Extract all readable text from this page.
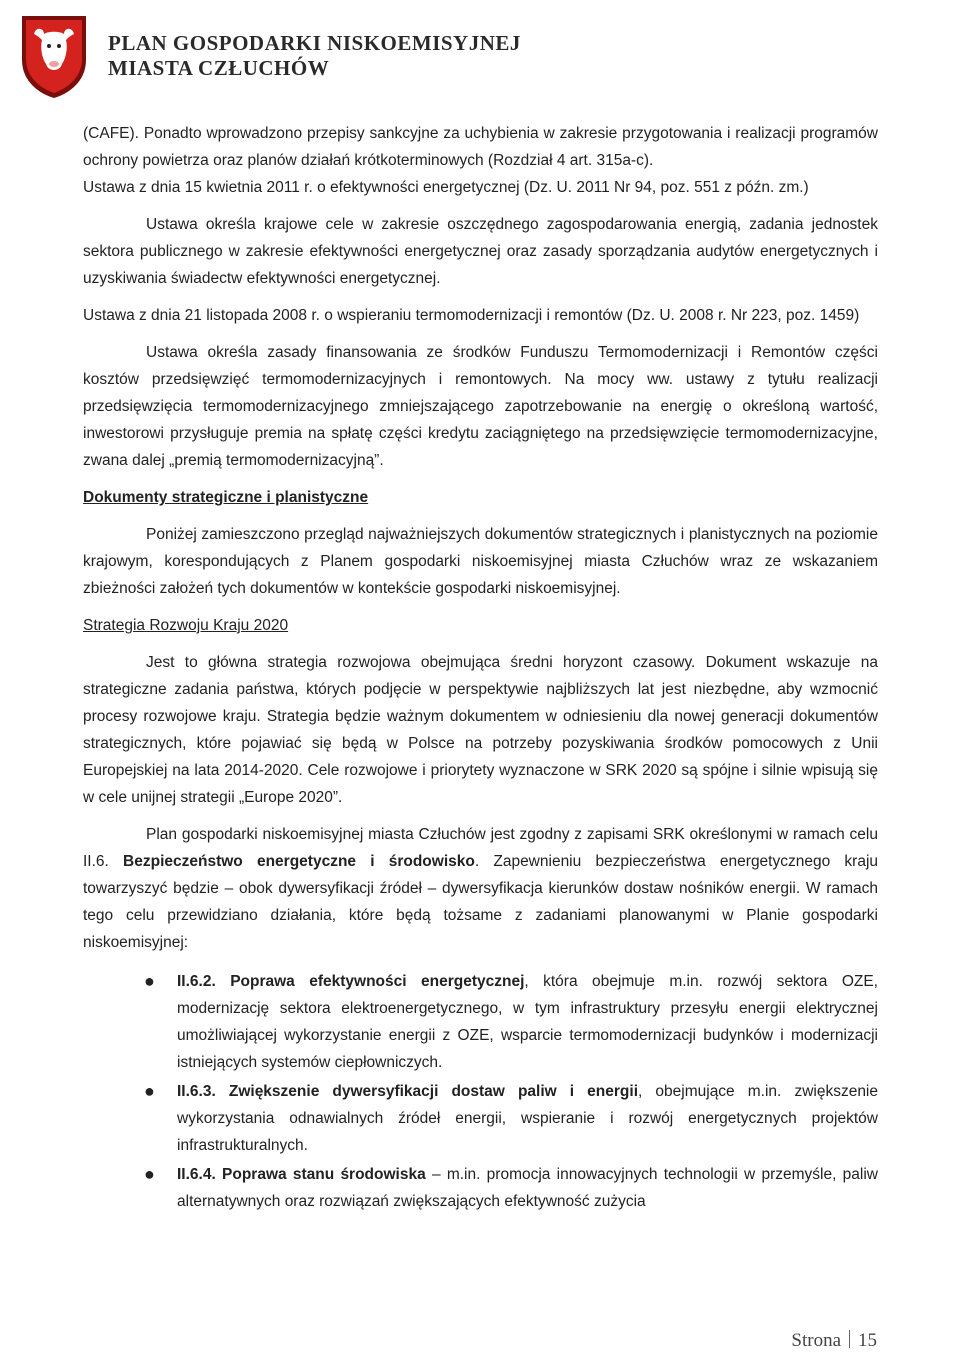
PLAN GOSPODARKI NISKOEMISYJNEJ
MIASTA CZŁUCHÓW

(CAFE). Ponadto wprowadzono przepisy sankcyjne za uchybienia w zakresie przygotowania i realizacji programów ochrony powietrza oraz planów działań krótkoterminowych (Rozdział 4 art. 315a-c).

Ustawa z dnia 15 kwietnia 2011 r. o efektywności energetycznej (Dz. U. 2011 Nr 94, poz. 551 z późn. zm.)

Ustawa określa krajowe cele w zakresie oszczędnego zagospodarowania energią, zadania jednostek sektora publicznego w zakresie efektywności energetycznej oraz zasady sporządzania audytów energetycznych i uzyskiwania świadectw efektywności energetycznej.

Ustawa z dnia 21 listopada 2008 r. o wspieraniu termomodernizacji i remontów (Dz. U. 2008 r. Nr 223, poz. 1459)

Ustawa określa zasady finansowania ze środków Funduszu Termomodernizacji i Remontów części kosztów przedsięwzięć termomodernizacyjnych i remontowych. Na mocy ww. ustawy z tytułu realizacji przedsięwzięcia termomodernizacyjnego zmniejszającego zapotrzebowanie na energię o określoną wartość, inwestorowi przysługuje premia na spłatę części kredytu zaciągniętego na przedsięwzięcie termomodernizacyjne, zwana dalej „premią termomodernizacyjną”.

Dokumenty strategiczne i planistyczne

Poniżej zamieszczono przegląd najważniejszych dokumentów strategicznych i planistycznych na poziomie krajowym, korespondujących z Planem gospodarki niskoemisyjnej miasta Człuchów wraz ze wskazaniem zbieżności założeń tych dokumentów w kontekście gospodarki niskoemisyjnej.

Strategia Rozwoju Kraju 2020

Jest to główna strategia rozwojowa obejmująca średni horyzont czasowy. Dokument wskazuje na strategiczne zadania państwa, których podjęcie w perspektywie najbliższych lat jest niezbędne, aby wzmocnić procesy rozwojowe kraju. Strategia będzie ważnym dokumentem w odniesieniu dla nowej generacji dokumentów strategicznych, które pojawiać się będą w Polsce na potrzeby pozyskiwania środków pomocowych z Unii Europejskiej na lata 2014-2020. Cele rozwojowe i priorytety wyznaczone w SRK 2020 są spójne i silnie wpisują się w cele unijnej strategii „Europe 2020”.

Plan gospodarki niskoemisyjnej miasta Człuchów jest zgodny z zapisami SRK określonymi w ramach celu II.6. Bezpieczeństwo energetyczne i środowisko. Zapewnieniu bezpieczeństwa energetycznego kraju towarzyszyć będzie – obok dywersyfikacji źródeł – dywersyfikacja kierunków dostaw nośników energii. W ramach tego celu przewidziano działania, które będą tożsame z zadaniami planowanymi w Planie gospodarki niskoemisyjnej:

● II.6.2. Poprawa efektywności energetycznej, która obejmuje m.in. rozwój sektora OZE, modernizację sektora elektroenergetycznego, w tym infrastruktury przesyłu energii elektrycznej umożliwiającej wykorzystanie energii z OZE, wsparcie termomodernizacji budynków i modernizacji istniejących systemów ciepłowniczych.
● II.6.3. Zwiększenie dywersyfikacji dostaw paliw i energii, obejmujące m.in. zwiększenie wykorzystania odnawialnych źródeł energii, wspieranie i rozwój energetycznych projektów infrastrukturalnych.
● II.6.4. Poprawa stanu środowiska – m.in. promocja innowacyjnych technologii w przemyśle, paliw alternatywnych oraz rozwiązań zwiększających efektywność zużycia
Strona 15
